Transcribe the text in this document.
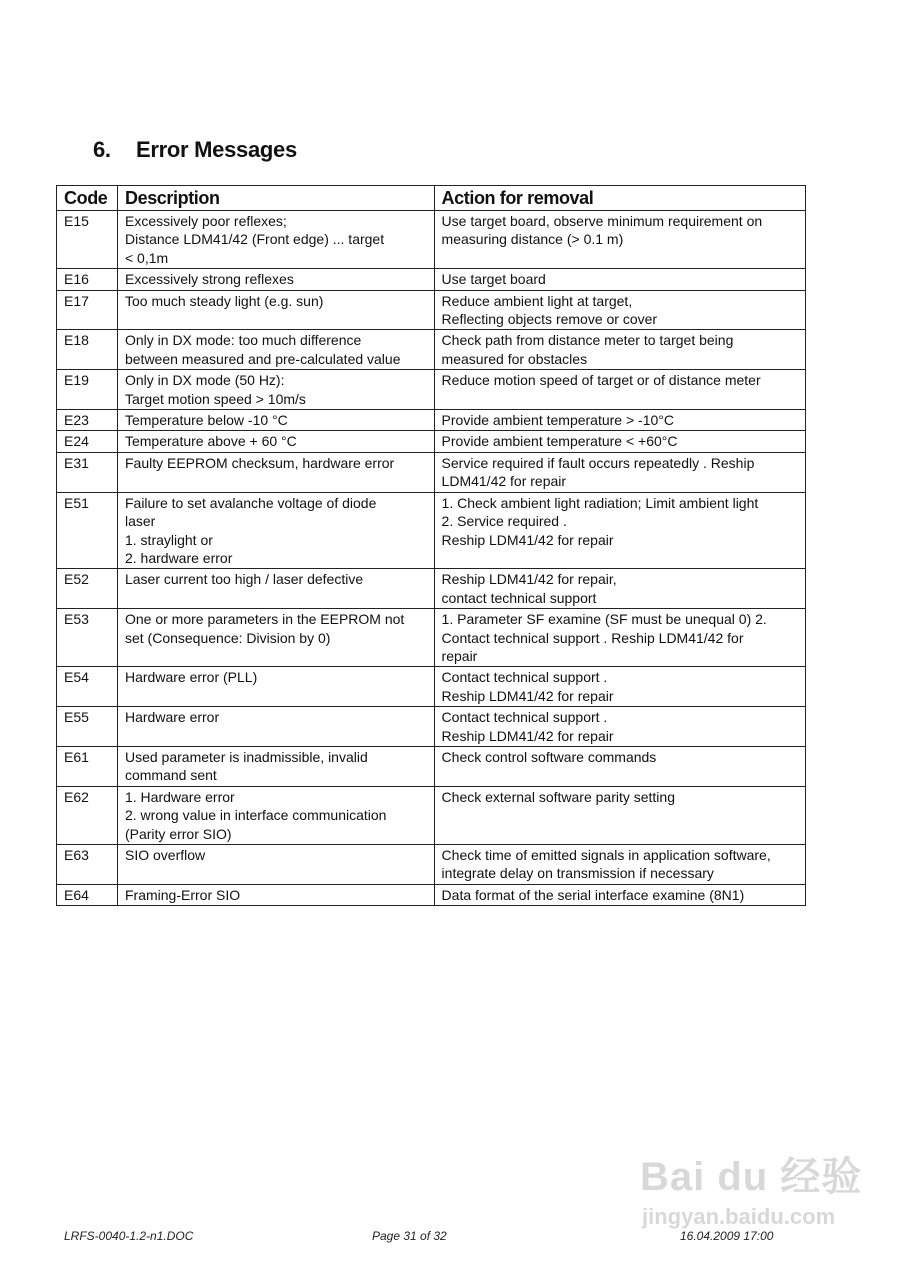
6. Error Messages
Code	Description	Action for removal
E15	Excessively poor reflexes;
Distance LDM41/42 (Front edge) ... target
< 0,1m	Use target board, observe minimum requirement on
measuring distance (> 0.1 m)
E16	Excessively strong reflexes	Use target board
E17	Too much steady light (e.g. sun)	Reduce ambient light at target,
Reflecting objects remove or cover
E18	Only in DX mode: too much difference
between measured and pre-calculated value	Check path from distance meter to target being
measured for obstacles
E19	Only in DX mode (50 Hz):
Target motion speed > 10m/s	Reduce motion speed of target or of distance meter
E23	Temperature below -10 °C	Provide ambient temperature > -10°C
E24	Temperature above + 60 °C	Provide ambient temperature < +60°C
E31	Faulty EEPROM checksum, hardware error	Service required if fault occurs repeatedly . Reship
LDM41/42 for repair
E51	Failure to set avalanche voltage of diode
laser
1. straylight or
2. hardware error	1. Check ambient light radiation; Limit ambient light
2. Service required .
Reship LDM41/42 for repair
E52	Laser current too high / laser defective	Reship LDM41/42 for repair,
contact technical support
E53	One or more parameters in the EEPROM not
set (Consequence: Division by 0)	1. Parameter SF examine (SF must be unequal 0) 2.
Contact technical support . Reship LDM41/42 for
repair
E54	Hardware error (PLL)	Contact technical support .
Reship LDM41/42 for repair
E55	Hardware error	Contact technical support .
Reship LDM41/42 for repair
E61	Used parameter is inadmissible, invalid
command sent	Check control software commands
E62	1. Hardware error
2. wrong value in interface communication
(Parity error SIO)	Check external software parity setting
E63	SIO overflow	Check time of emitted signals in application software,
integrate delay on transmission if necessary
E64	Framing-Error SIO	Data format of the serial interface examine (8N1)
Bai du 经验
jingyan.baidu.com
LRFS-0040-1.2-n1.DOC	Page 31 of 32	16.04.2009 17:00
